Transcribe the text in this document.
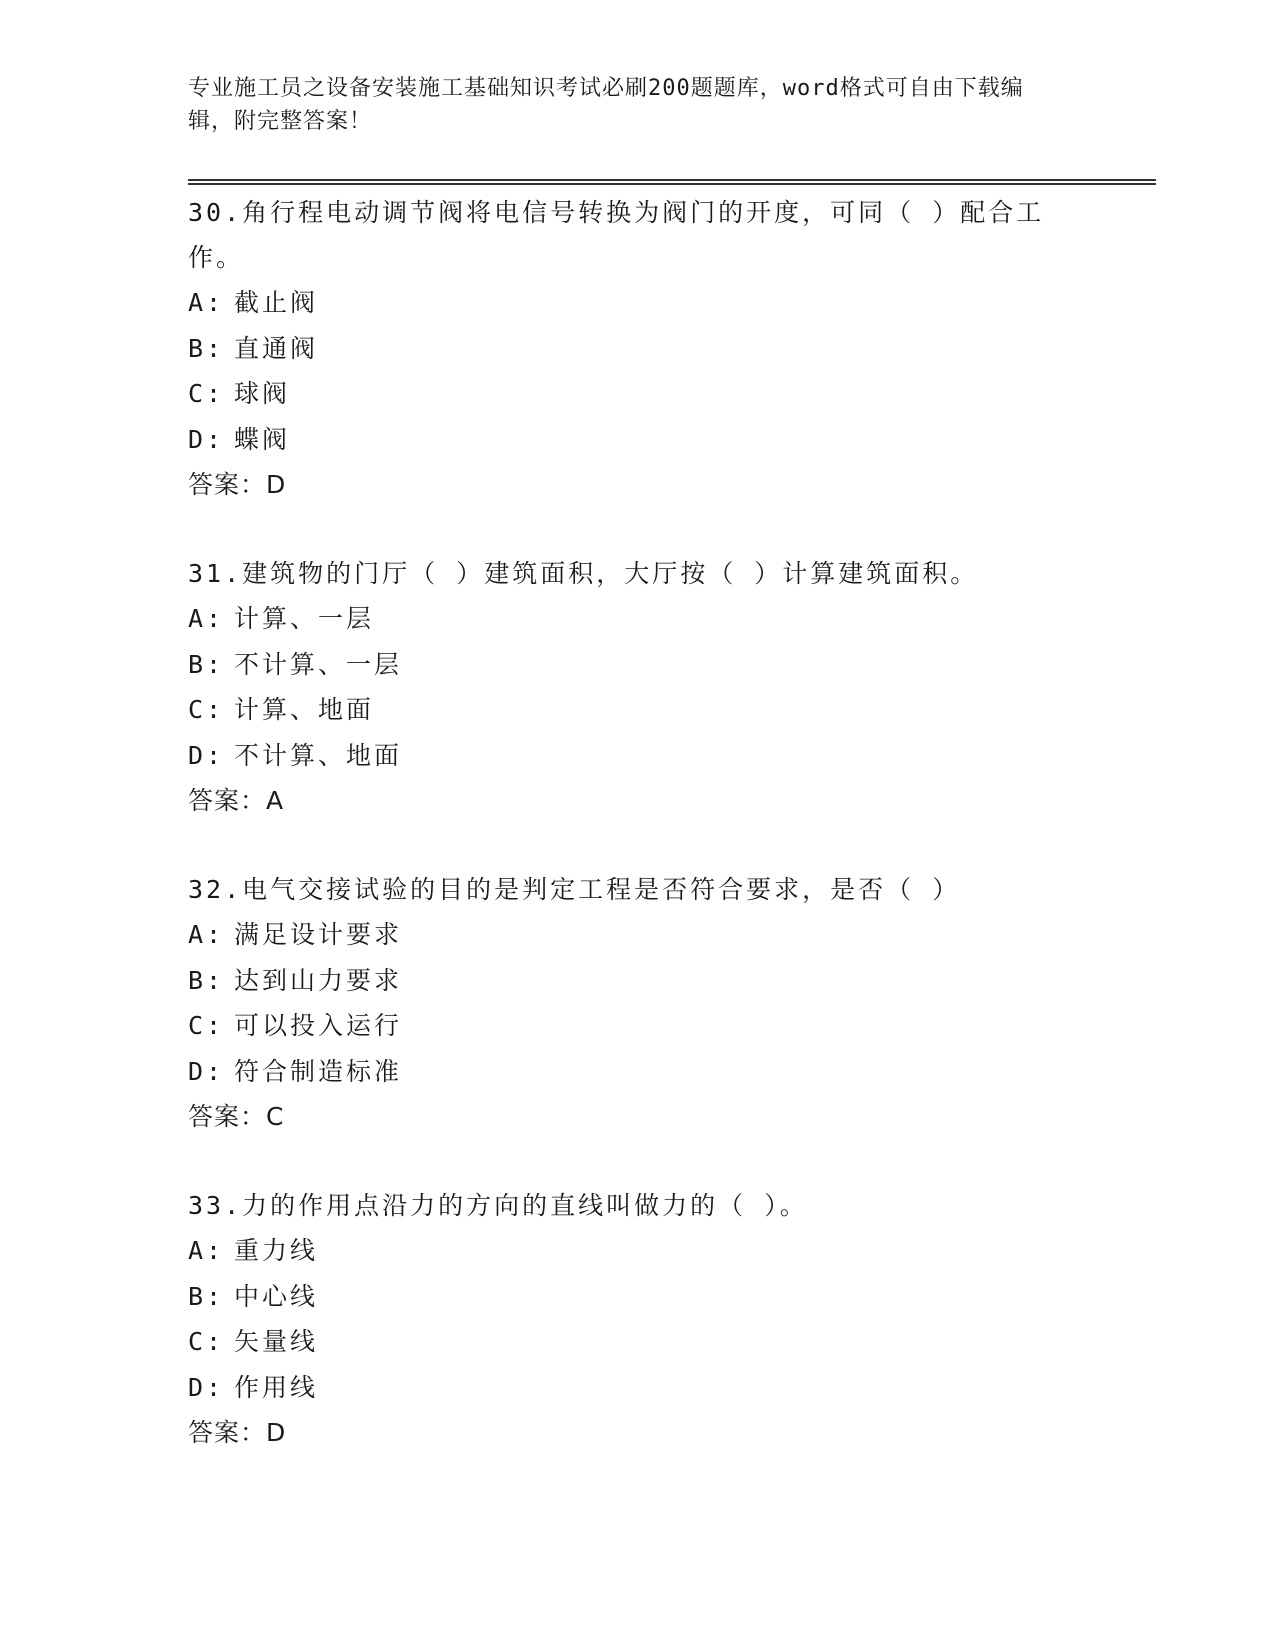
专业施工员之设备安装施工基础知识考试必刷200题题库，word格式可自由下载编辑，附完整答案！

30.角行程电动调节阀将电信号转换为阀门的开度，可同（ ）配合工作。

A: 截止阀
B: 直通阀
C: 球阀
D: 蝶阀
答案：D

31.建筑物的门厅（ ）建筑面积，大厅按（ ）计算建筑面积。

A: 计算、一层
B: 不计算、一层
C: 计算、地面
D: 不计算、地面
答案：A

32.电气交接试验的目的是判定工程是否符合要求，是否（ ）

A: 满足设计要求
B: 达到山力要求
C: 可以投入运行
D: 符合制造标准
答案：C

33.力的作用点沿力的方向的直线叫做力的（ ）。

A: 重力线
B: 中心线
C: 矢量线
D: 作用线
答案：D
